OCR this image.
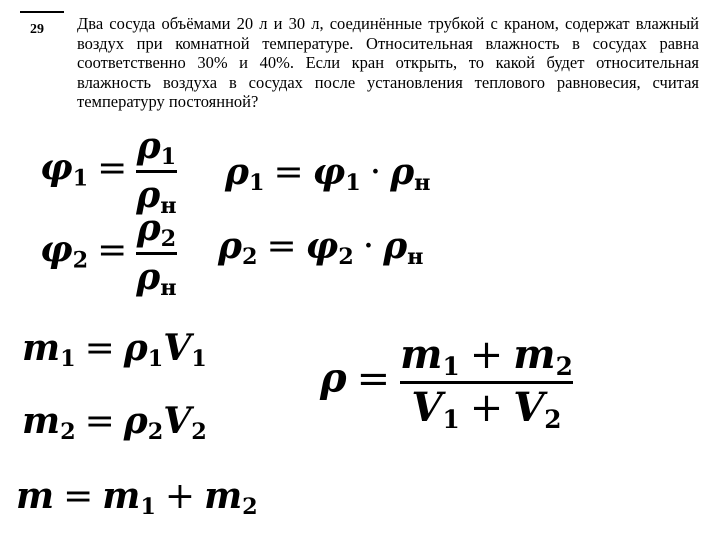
29 Два сосуда объёмами 20 л и 30 л, соединённые трубкой с краном, содержат влажный воздух при комнатной температуре. Относительная влажность в сосудах равна соответственно 30% и 40%. Если кран открыть, то какой будет относительная влажность воздуха в сосудах после установления теплового равновесия, считая температуру постоянной?

$\varphi_1 = \frac{\rho_1}{\rho_н} \rho_1 = \varphi_1 \cdot \rho_н$
$\varphi_2 = \frac{\rho_2}{\rho_н} \rho_2 = \varphi_2 \cdot \rho_н$
$m_1 = \rho_1V_1$
$m_2 = \rho_2V_2$
$m = m_1 + m_2$
$\rho = \frac{m_1 + m_2}{V_1 + V_2}$
